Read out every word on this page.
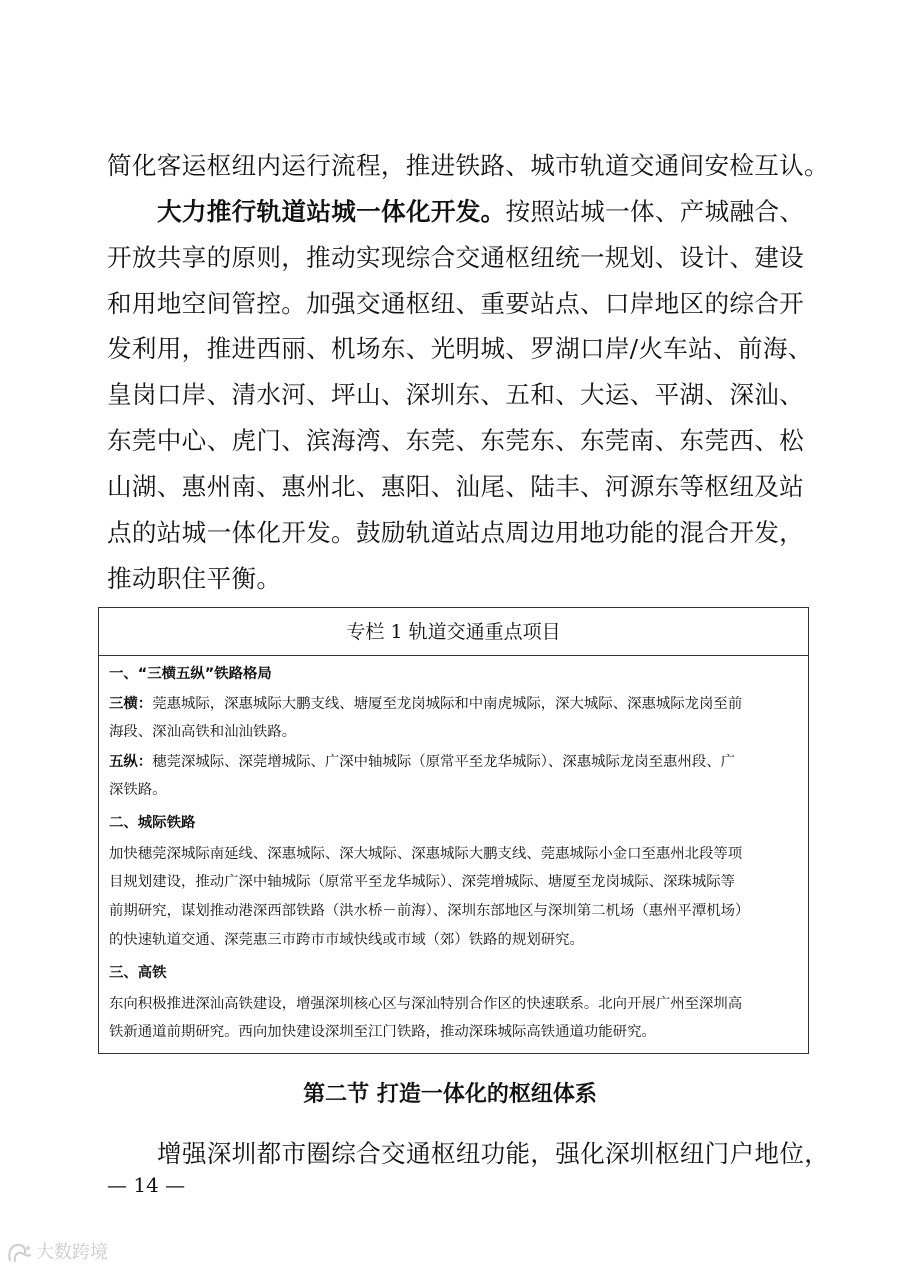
简化客运枢纽内运行流程，推进铁路、城市轨道交通间安检互认。
大力推行轨道站城一体化开发。按照站城一体、产城融合、
开放共享的原则，推动实现综合交通枢纽统一规划、设计、建设
和用地空间管控。加强交通枢纽、重要站点、口岸地区的综合开
发利用，推进西丽、机场东、光明城、罗湖口岸/火车站、前海、
皇岗口岸、清水河、坪山、深圳东、五和、大运、平湖、深汕、
东莞中心、虎门、滨海湾、东莞、东莞东、东莞南、东莞西、松
山湖、惠州南、惠州北、惠阳、汕尾、陆丰、河源东等枢纽及站
点的站城一体化开发。鼓励轨道站点周边用地功能的混合开发，
推动职住平衡。
专栏 1 轨道交通重点项目
一、“三横五纵”铁路格局
三横：莞惠城际，深惠城际大鹏支线、塘厦至龙岗城际和中南虎城际，深大城际、深惠城际龙岗至前
海段、深汕高铁和汕汕铁路。
五纵：穗莞深城际、深莞增城际、广深中轴城际（原常平至龙华城际）、深惠城际龙岗至惠州段、广
深铁路。
二、城际铁路
加快穗莞深城际南延线、深惠城际、深大城际、深惠城际大鹏支线、莞惠城际小金口至惠州北段等项
目规划建设，推动广深中轴城际（原常平至龙华城际）、深莞增城际、塘厦至龙岗城际、深珠城际等
前期研究，谋划推动港深西部铁路（洪水桥－前海）、深圳东部地区与深圳第二机场（惠州平潭机场）
的快速轨道交通、深莞惠三市跨市市域快线或市域（郊）铁路的规划研究。
三、高铁
东向积极推进深汕高铁建设，增强深圳核心区与深汕特别合作区的快速联系。北向开展广州至深圳高
铁新通道前期研究。西向加快建设深圳至江门铁路，推动深珠城际高铁通道功能研究。
第二节 打造一体化的枢纽体系
增强深圳都市圈综合交通枢纽功能，强化深圳枢纽门户地位，
— 14 —
大数跨境
